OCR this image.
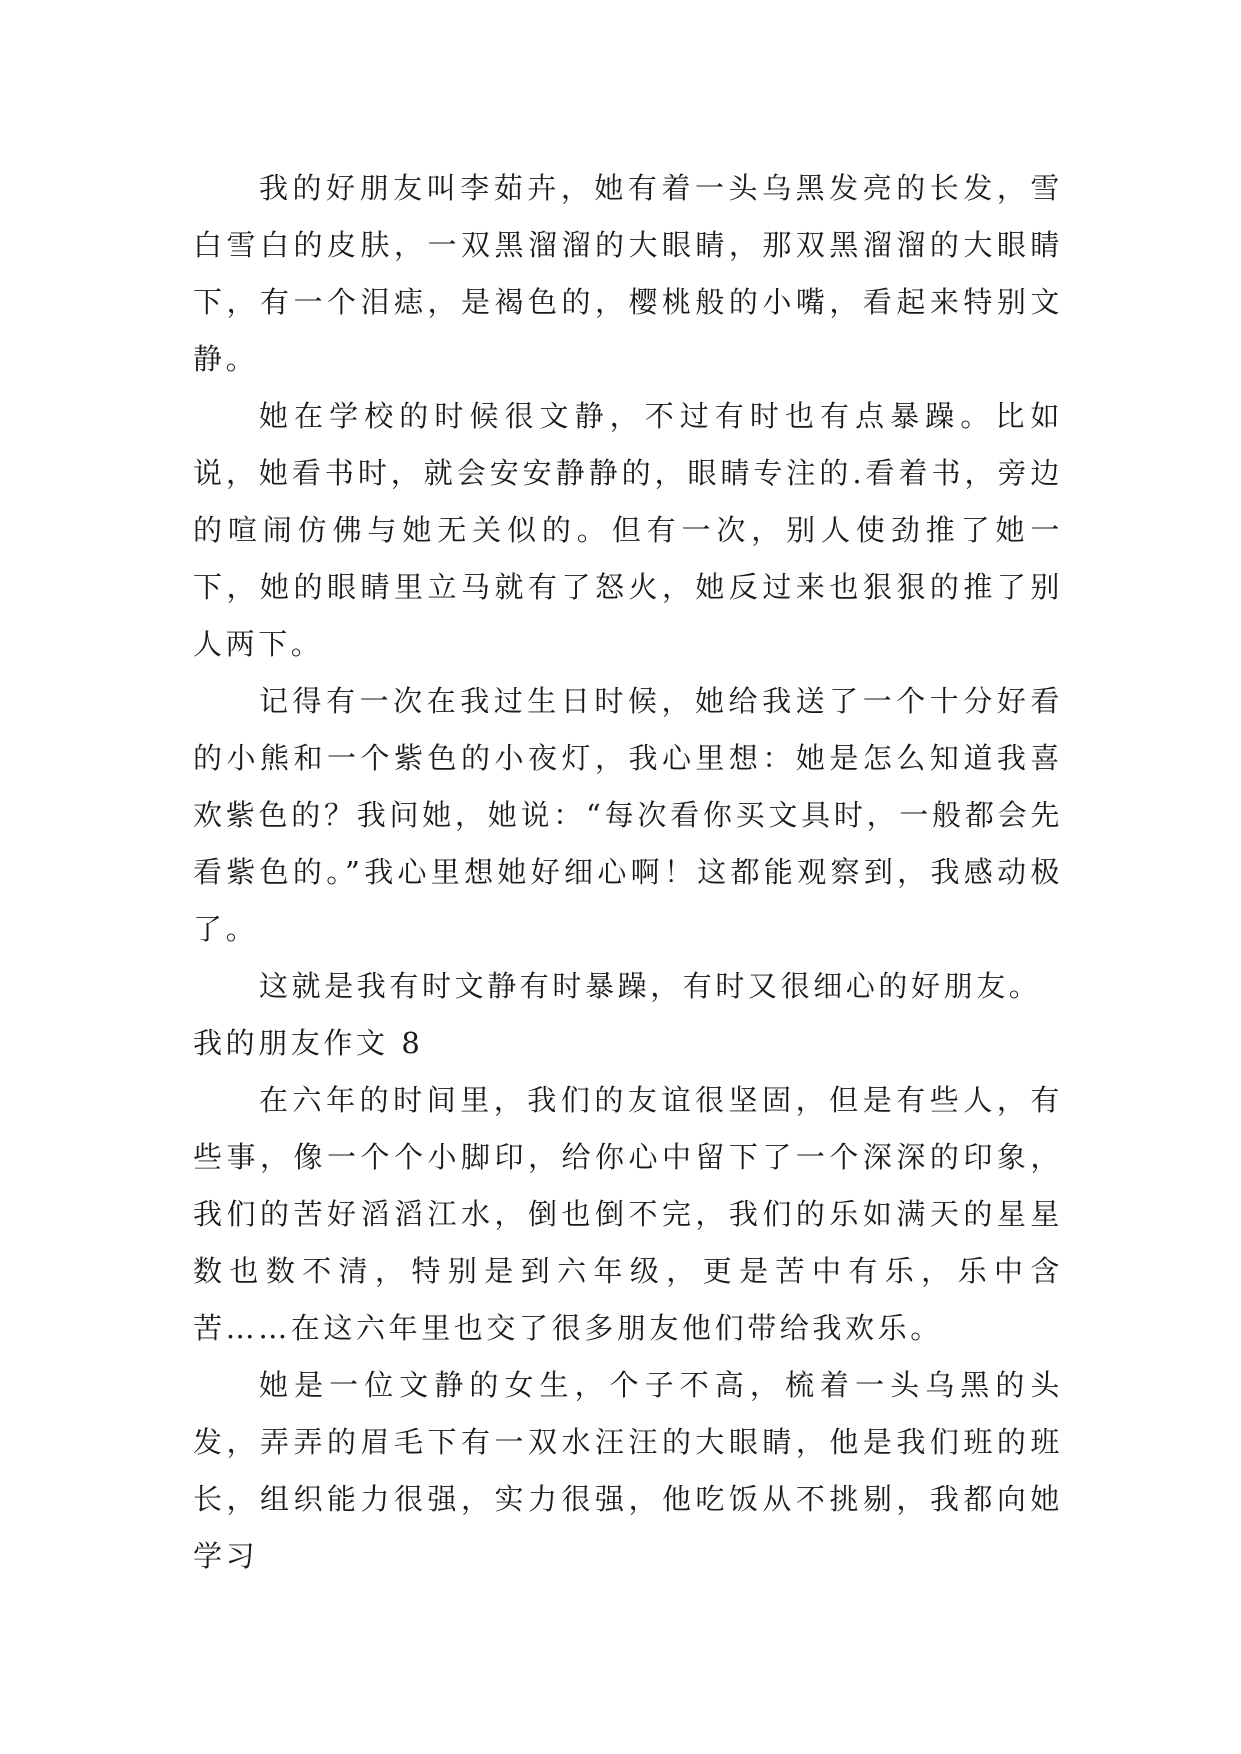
我的好朋友叫李茹卉，她有着一头乌黑发亮的长发，雪白雪白的皮肤，一双黑溜溜的大眼睛，那双黑溜溜的大眼睛下，有一个泪痣，是褐色的，樱桃般的小嘴，看起来特别文静。

她在学校的时候很文静，不过有时也有点暴躁。比如说，她看书时，就会安安静静的，眼睛专注的.看着书，旁边的喧闹仿佛与她无关似的。但有一次，别人使劲推了她一下，她的眼睛里立马就有了怒火，她反过来也狠狠的推了别人两下。

记得有一次在我过生日时候，她给我送了一个十分好看的小熊和一个紫色的小夜灯，我心里想：她是怎么知道我喜欢紫色的？我问她，她说：“每次看你买文具时，一般都会先看紫色的。”我心里想她好细心啊！这都能观察到，我感动极了。

这就是我有时文静有时暴躁，有时又很细心的好朋友。

我的朋友作文 8

在六年的时间里，我们的友谊很坚固，但是有些人，有些事，像一个个小脚印，给你心中留下了一个深深的印象，我们的苦好滔滔江水，倒也倒不完，我们的乐如满天的星星数也数不清，特别是到六年级，更是苦中有乐，乐中含苦……在这六年里也交了很多朋友他们带给我欢乐。

她是一位文静的女生，个子不高，梳着一头乌黑的头发，弄弄的眉毛下有一双水汪汪的大眼睛，他是我们班的班长，组织能力很强，实力很强，他吃饭从不挑剔，我都向她学习
